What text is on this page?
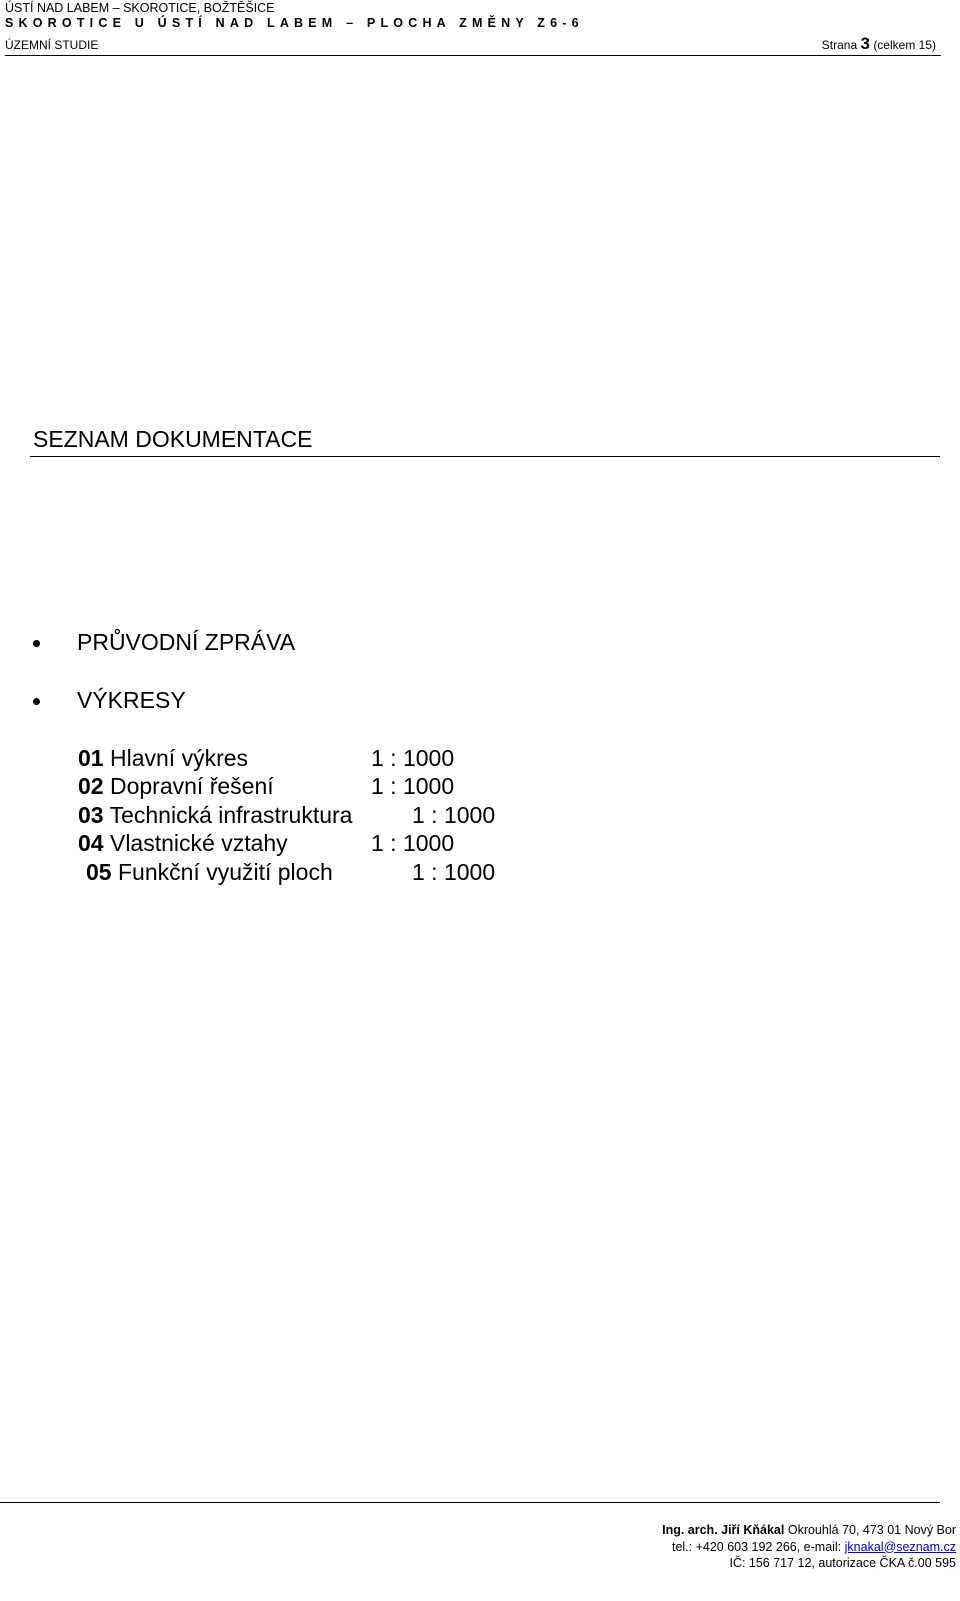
ÚSTÍ NAD LABEM – SKOROTICE, BOŽTĚŠICE
SKOROTICE U ÚSTÍ NAD LABEM – PLOCHA ZMĚNY Z6-6
ÚZEMNÍ STUDIE	Strana 3 (celkem 15)
SEZNAM DOKUMENTACE
PRŮVODNÍ ZPRÁVA
VÝKRESY
01 Hlavní výkres	1 : 1000
02 Dopravní řešení	1 : 1000
03 Technická infrastruktura	1 : 1000
04 Vlastnické vztahy	1 : 1000
05 Funkční využití ploch	1 : 1000
Ing. arch. Jiří Kňákal Okrouhlá 70, 473 01 Nový Bor
tel.: +420 603 192 266, e-mail: jknakal@seznam.cz
IČ: 156 717 12, autorizace ČKA č.00 595
